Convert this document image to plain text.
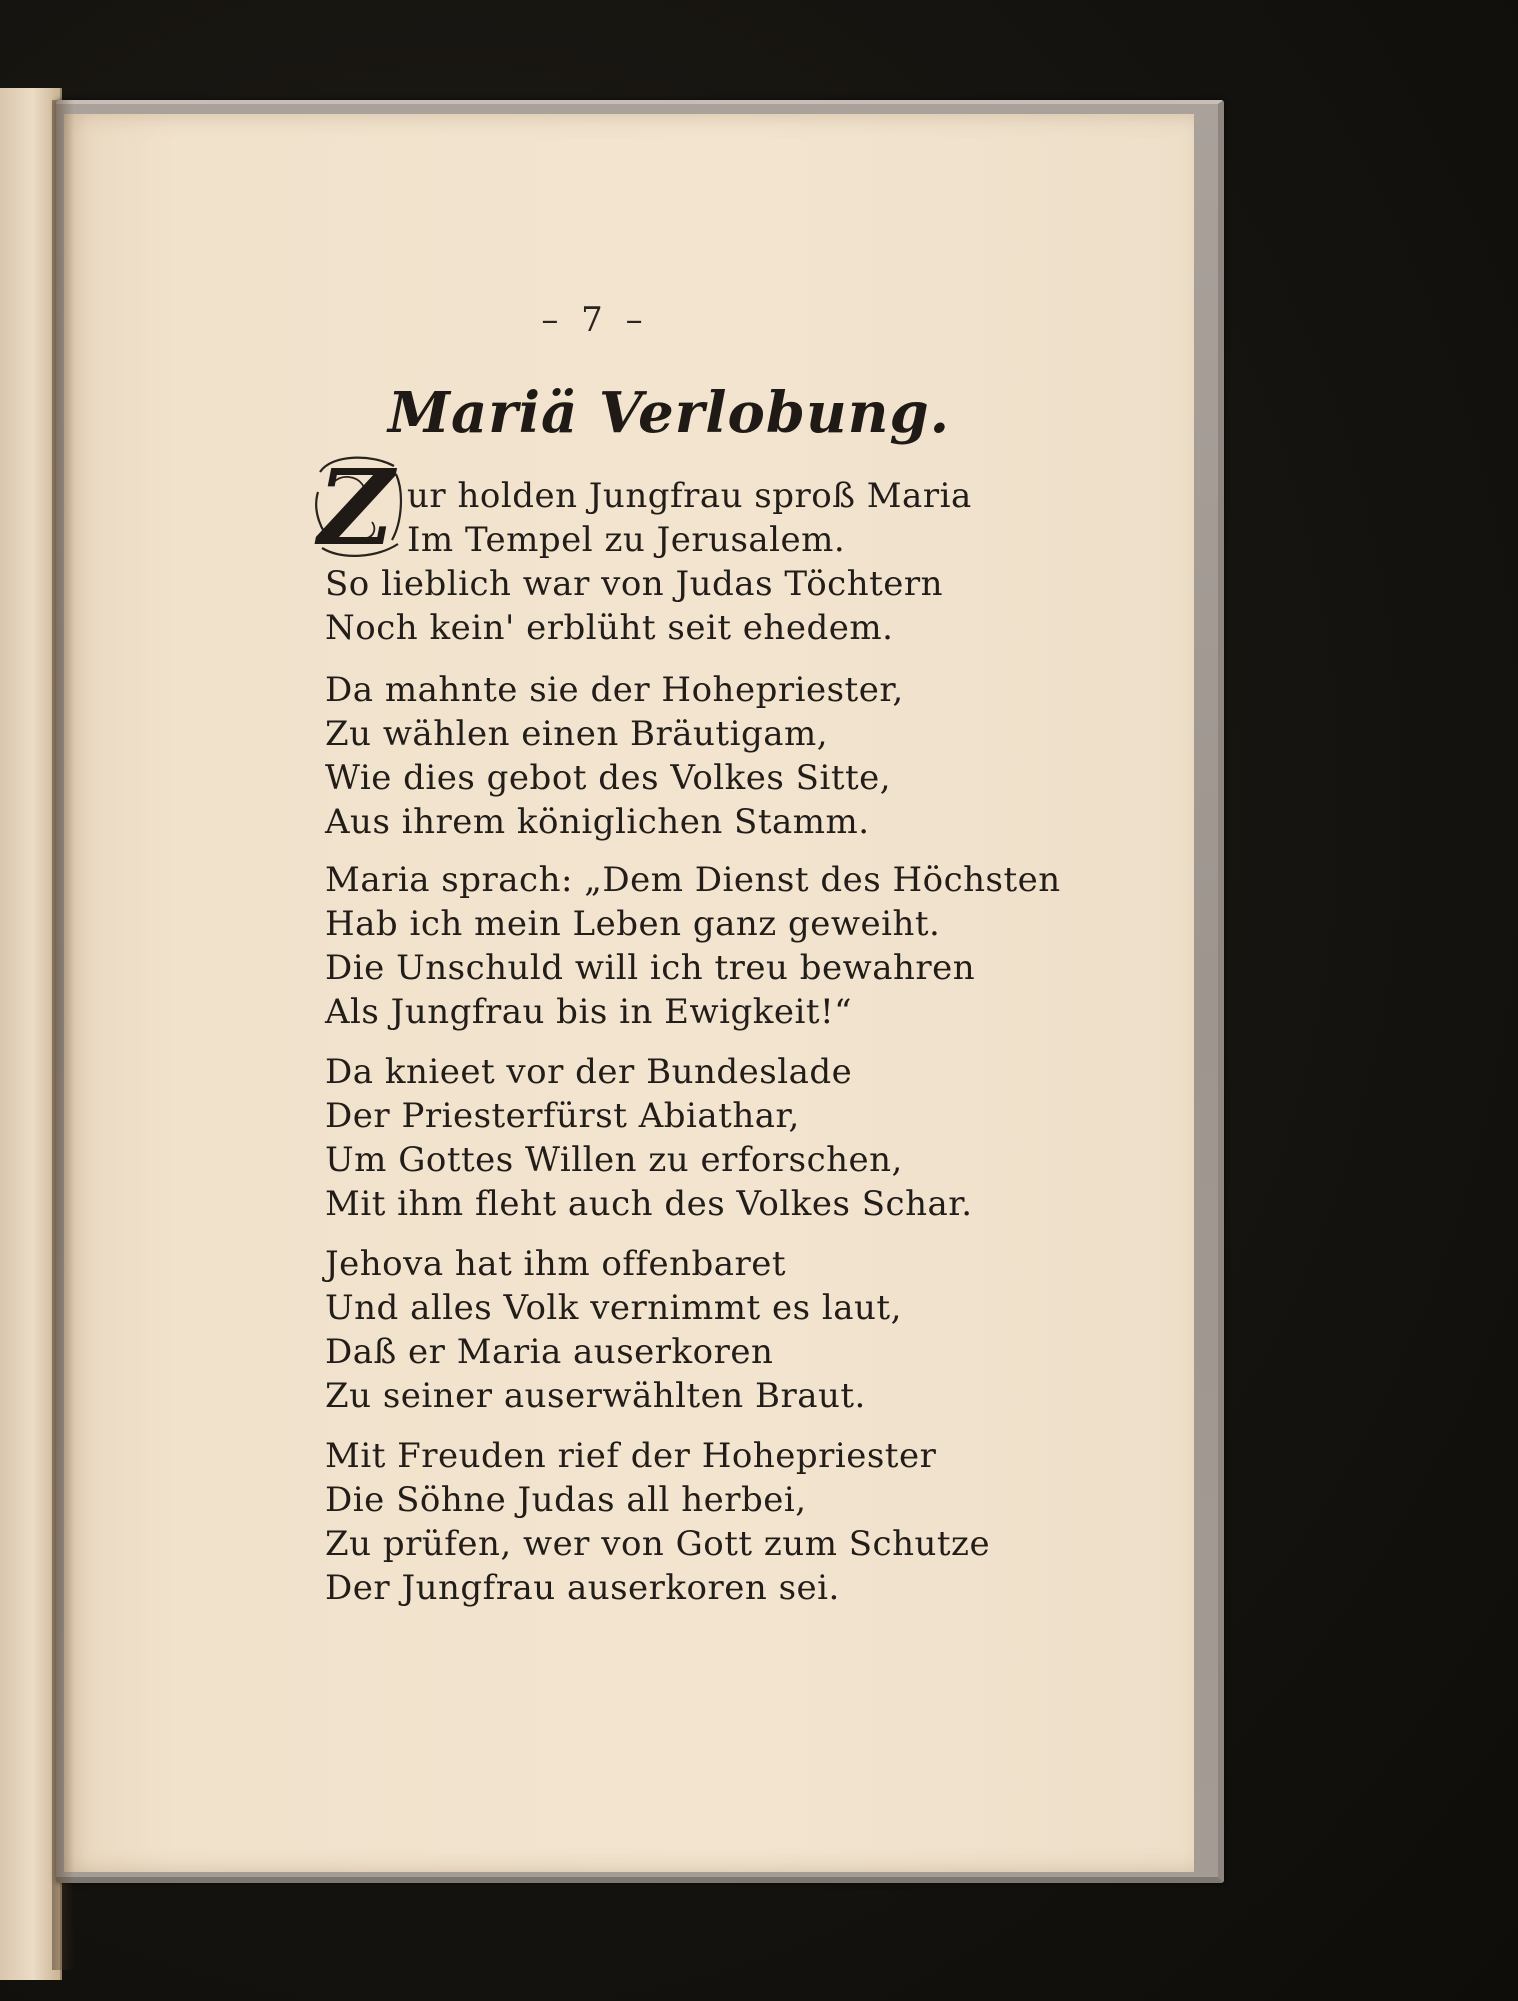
– 7 –
Mariä Verlobung.
Z ur holden Jungfrau sproß Maria
Im Tempel zu Jerusalem.
So lieblich war von Judas Töchtern
Noch kein' erblüht seit ehedem.
Da mahnte sie der Hohepriester,
Zu wählen einen Bräutigam,
Wie dies gebot des Volkes Sitte,
Aus ihrem königlichen Stamm.
Maria sprach: „Dem Dienst des Höchsten
Hab ich mein Leben ganz geweiht.
Die Unschuld will ich treu bewahren
Als Jungfrau bis in Ewigkeit!“
Da knieet vor der Bundeslade
Der Priesterfürst Abiathar,
Um Gottes Willen zu erforschen,
Mit ihm fleht auch des Volkes Schar.
Jehova hat ihm offenbaret
Und alles Volk vernimmt es laut,
Daß er Maria auserkoren
Zu seiner auserwählten Braut.
Mit Freuden rief der Hohepriester
Die Söhne Judas all herbei,
Zu prüfen, wer von Gott zum Schutze
Der Jungfrau auserkoren sei.
